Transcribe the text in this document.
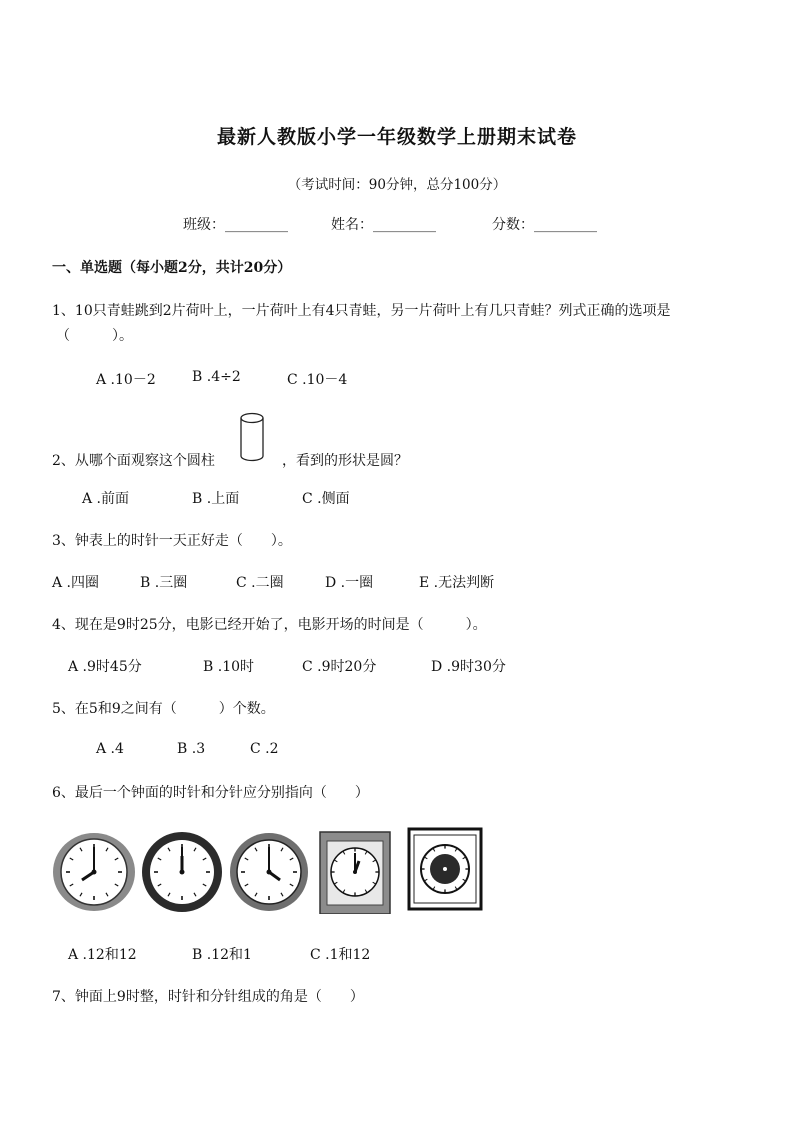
最新人教版小学一年级数学上册期末试卷
（考试时间：90分钟，总分100分）
班级：_________	姓名：_________	分数：_________
一、单选题（每小题2分，共计20分）
1、10只青蛙跳到2片荷叶上，一片荷叶上有4只青蛙，另一片荷叶上有几只青蛙？列式正确的选项是
（　　　）。
A .10－2	B .4÷2	C .10－4
2、从哪个面观察这个圆柱	，看到的形状是圆？
A .前面	B .上面	C .侧面
3、钟表上的时针一天正好走（　　）。
A .四圈	B .三圈	C .二圈	D .一圈	E .无法判断
4、现在是9时25分，电影已经开始了，电影开场的时间是（　　　）。
A .9时45分	B .10时	C .9时20分	D .9时30分
5、在5和9之间有（　　　）个数。
A .4	B .3	C .2
6、最后一个钟面的时针和分针应分别指向（　　）
A .12和12	B .12和1	C .1和12
7、钟面上9时整，时针和分针组成的角是（　　）
